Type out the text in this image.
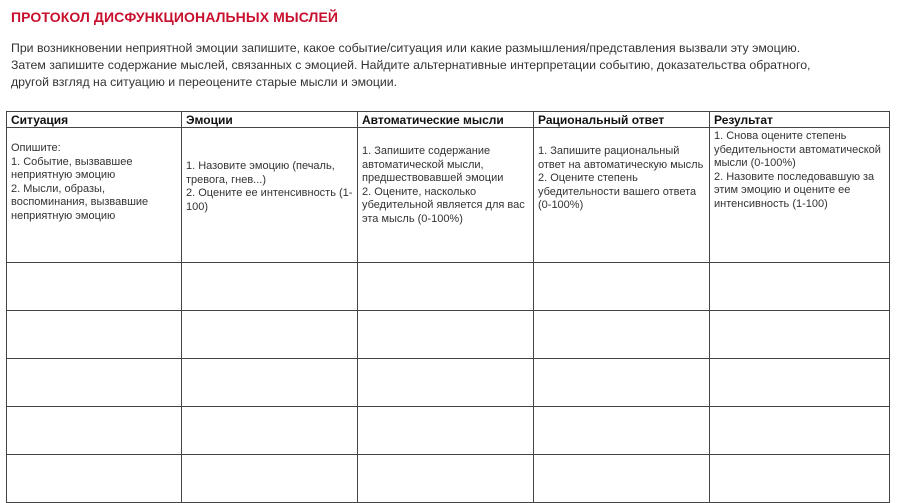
ПРОТОКОЛ ДИСФУНКЦИОНАЛЬНЫХ МЫСЛЕЙ
При возникновении неприятной эмоции запишите, какое событие/ситуация или какие размышления/представления вызвали эту эмоцию.
Затем запишите содержание мыслей, связанных с эмоцией. Найдите альтернативные интерпретации событию, доказательства обратного,
другой взгляд на ситуацию и переоцените старые мысли и эмоции.
Ситуация	Эмоции	Автоматические мысли	Рациональный ответ	Результат
Опишите:
1. Событие, вызвавшее неприятную эмоцию
2. Мысли, образы, воспоминания, вызвавшие неприятную эмоцию	1. Назовите эмоцию (печаль, тревога, гнев...)
2. Оцените ее интенсивность (1-100)	1. Запишите содержание автоматической мысли, предшествовавшей эмоции
2. Оцените, насколько убедительной является для вас эта мысль (0-100%)	1. Запишите рациональный ответ на автоматическую мысль
2. Оцените степень убедительности вашего ответа (0-100%)	1. Снова оцените степень убедительности автоматической мысли (0-100%)
2. Назовите последовавшую за этим эмоцию и оцените ее интенсивность (1-100)
